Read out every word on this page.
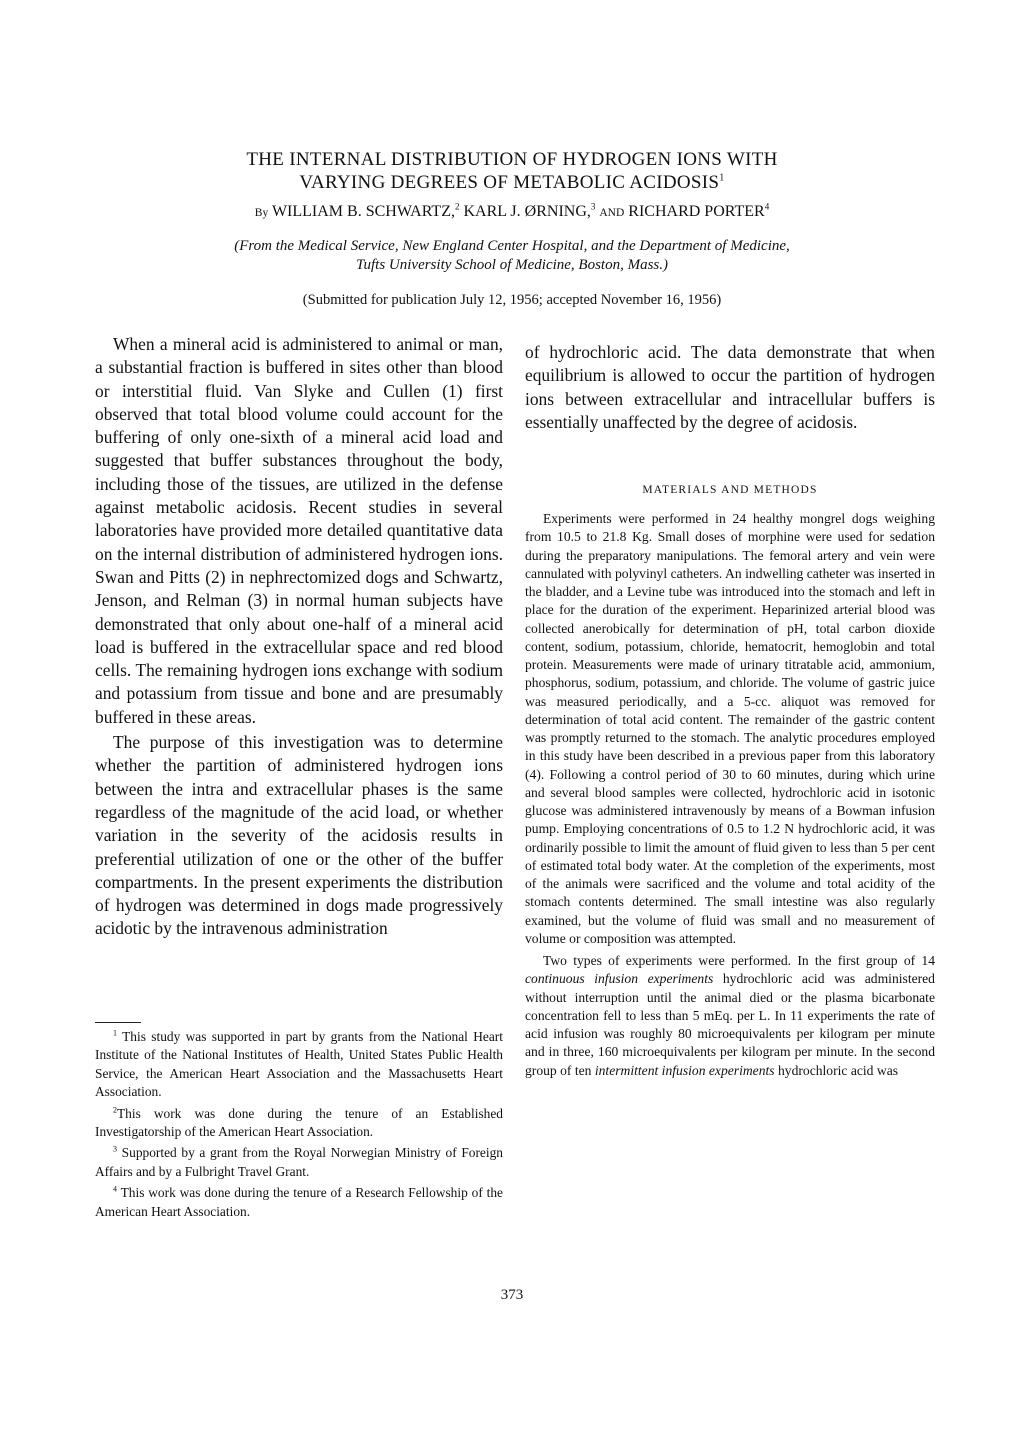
THE INTERNAL DISTRIBUTION OF HYDROGEN IONS WITH
VARYING DEGREES OF METABOLIC ACIDOSIS$^1$
By WILLIAM B. SCHWARTZ,$^2$ KARL J. ØRNING,$^3$ AND RICHARD PORTER$^4$
(From the Medical Service, New England Center Hospital, and the Department of Medicine,
Tufts University School of Medicine, Boston, Mass.)
(Submitted for publication July 12, 1956; accepted November 16, 1956)

When a mineral acid is administered to animal or man, a substantial fraction is buffered in sites other than blood or interstitial fluid. Van Slyke and Cullen (1) first observed that total blood volume could account for the buffering of only one-sixth of a mineral acid load and suggested that buffer substances throughout the body, including those of the tissues, are utilized in the defense against metabolic acidosis. Recent studies in several laboratories have provided more detailed quantitative data on the internal distribution of administered hydrogen ions. Swan and Pitts (2) in nephrectomized dogs and Schwartz, Jenson, and Relman (3) in normal human subjects have demonstrated that only about one-half of a mineral acid load is buffered in the extracellular space and red blood cells. The remaining hydrogen ions exchange with sodium and potassium from tissue and bone and are presumably buffered in these areas.

The purpose of this investigation was to determine whether the partition of administered hydrogen ions between the intra and extracellular phases is the same regardless of the magnitude of the acid load, or whether variation in the severity of the acidosis results in preferential utilization of one or the other of the buffer compartments. In the present experiments the distribution of hydrogen was determined in dogs made progressively acidotic by the intravenous administration

$^1$ This study was supported in part by grants from the National Heart Institute of the National Institutes of Health, United States Public Health Service, the American Heart Association and the Massachusetts Heart Association.

$^2$This work was done during the tenure of an Established Investigatorship of the American Heart Association.

$^3$ Supported by a grant from the Royal Norwegian Ministry of Foreign Affairs and by a Fulbright Travel Grant.

$^4$ This work was done during the tenure of a Research Fellowship of the American Heart Association.

of hydrochloric acid. The data demonstrate that when equilibrium is allowed to occur the partition of hydrogen ions between extracellular and intracellular buffers is essentially unaffected by the degree of acidosis.

MATERIALS AND METHODS

Experiments were performed in 24 healthy mongrel dogs weighing from 10.5 to 21.8 Kg. Small doses of morphine were used for sedation during the preparatory manipulations. The femoral artery and vein were cannulated with polyvinyl catheters. An indwelling catheter was inserted in the bladder, and a Levine tube was introduced into the stomach and left in place for the duration of the experiment. Heparinized arterial blood was collected anerobically for determination of pH, total carbon dioxide content, sodium, potassium, chloride, hematocrit, hemoglobin and total protein. Measurements were made of urinary titratable acid, ammonium, phosphorus, sodium, potassium, and chloride. The volume of gastric juice was measured periodically, and a 5-cc. aliquot was removed for determination of total acid content. The remainder of the gastric content was promptly returned to the stomach. The analytic procedures employed in this study have been described in a previous paper from this laboratory (4). Following a control period of 30 to 60 minutes, during which urine and several blood samples were collected, hydrochloric acid in isotonic glucose was administered intravenously by means of a Bowman infusion pump. Employing concentrations of 0.5 to 1.2 N hydrochloric acid, it was ordinarily possible to limit the amount of fluid given to less than 5 per cent of estimated total body water. At the completion of the experiments, most of the animals were sacrificed and the volume and total acidity of the stomach contents determined. The small intestine was also regularly examined, but the volume of fluid was small and no measurement of volume or composition was attempted.

Two types of experiments were performed. In the first group of 14 continuous infusion experiments hydrochloric acid was administered without interruption until the animal died or the plasma bicarbonate concentration fell to less than 5 mEq. per L. In 11 experiments the rate of acid infusion was roughly 80 microequivalents per kilogram per minute and in three, 160 microequivalents per kilogram per minute. In the second group of ten intermittent infusion experiments hydrochloric acid was

373
